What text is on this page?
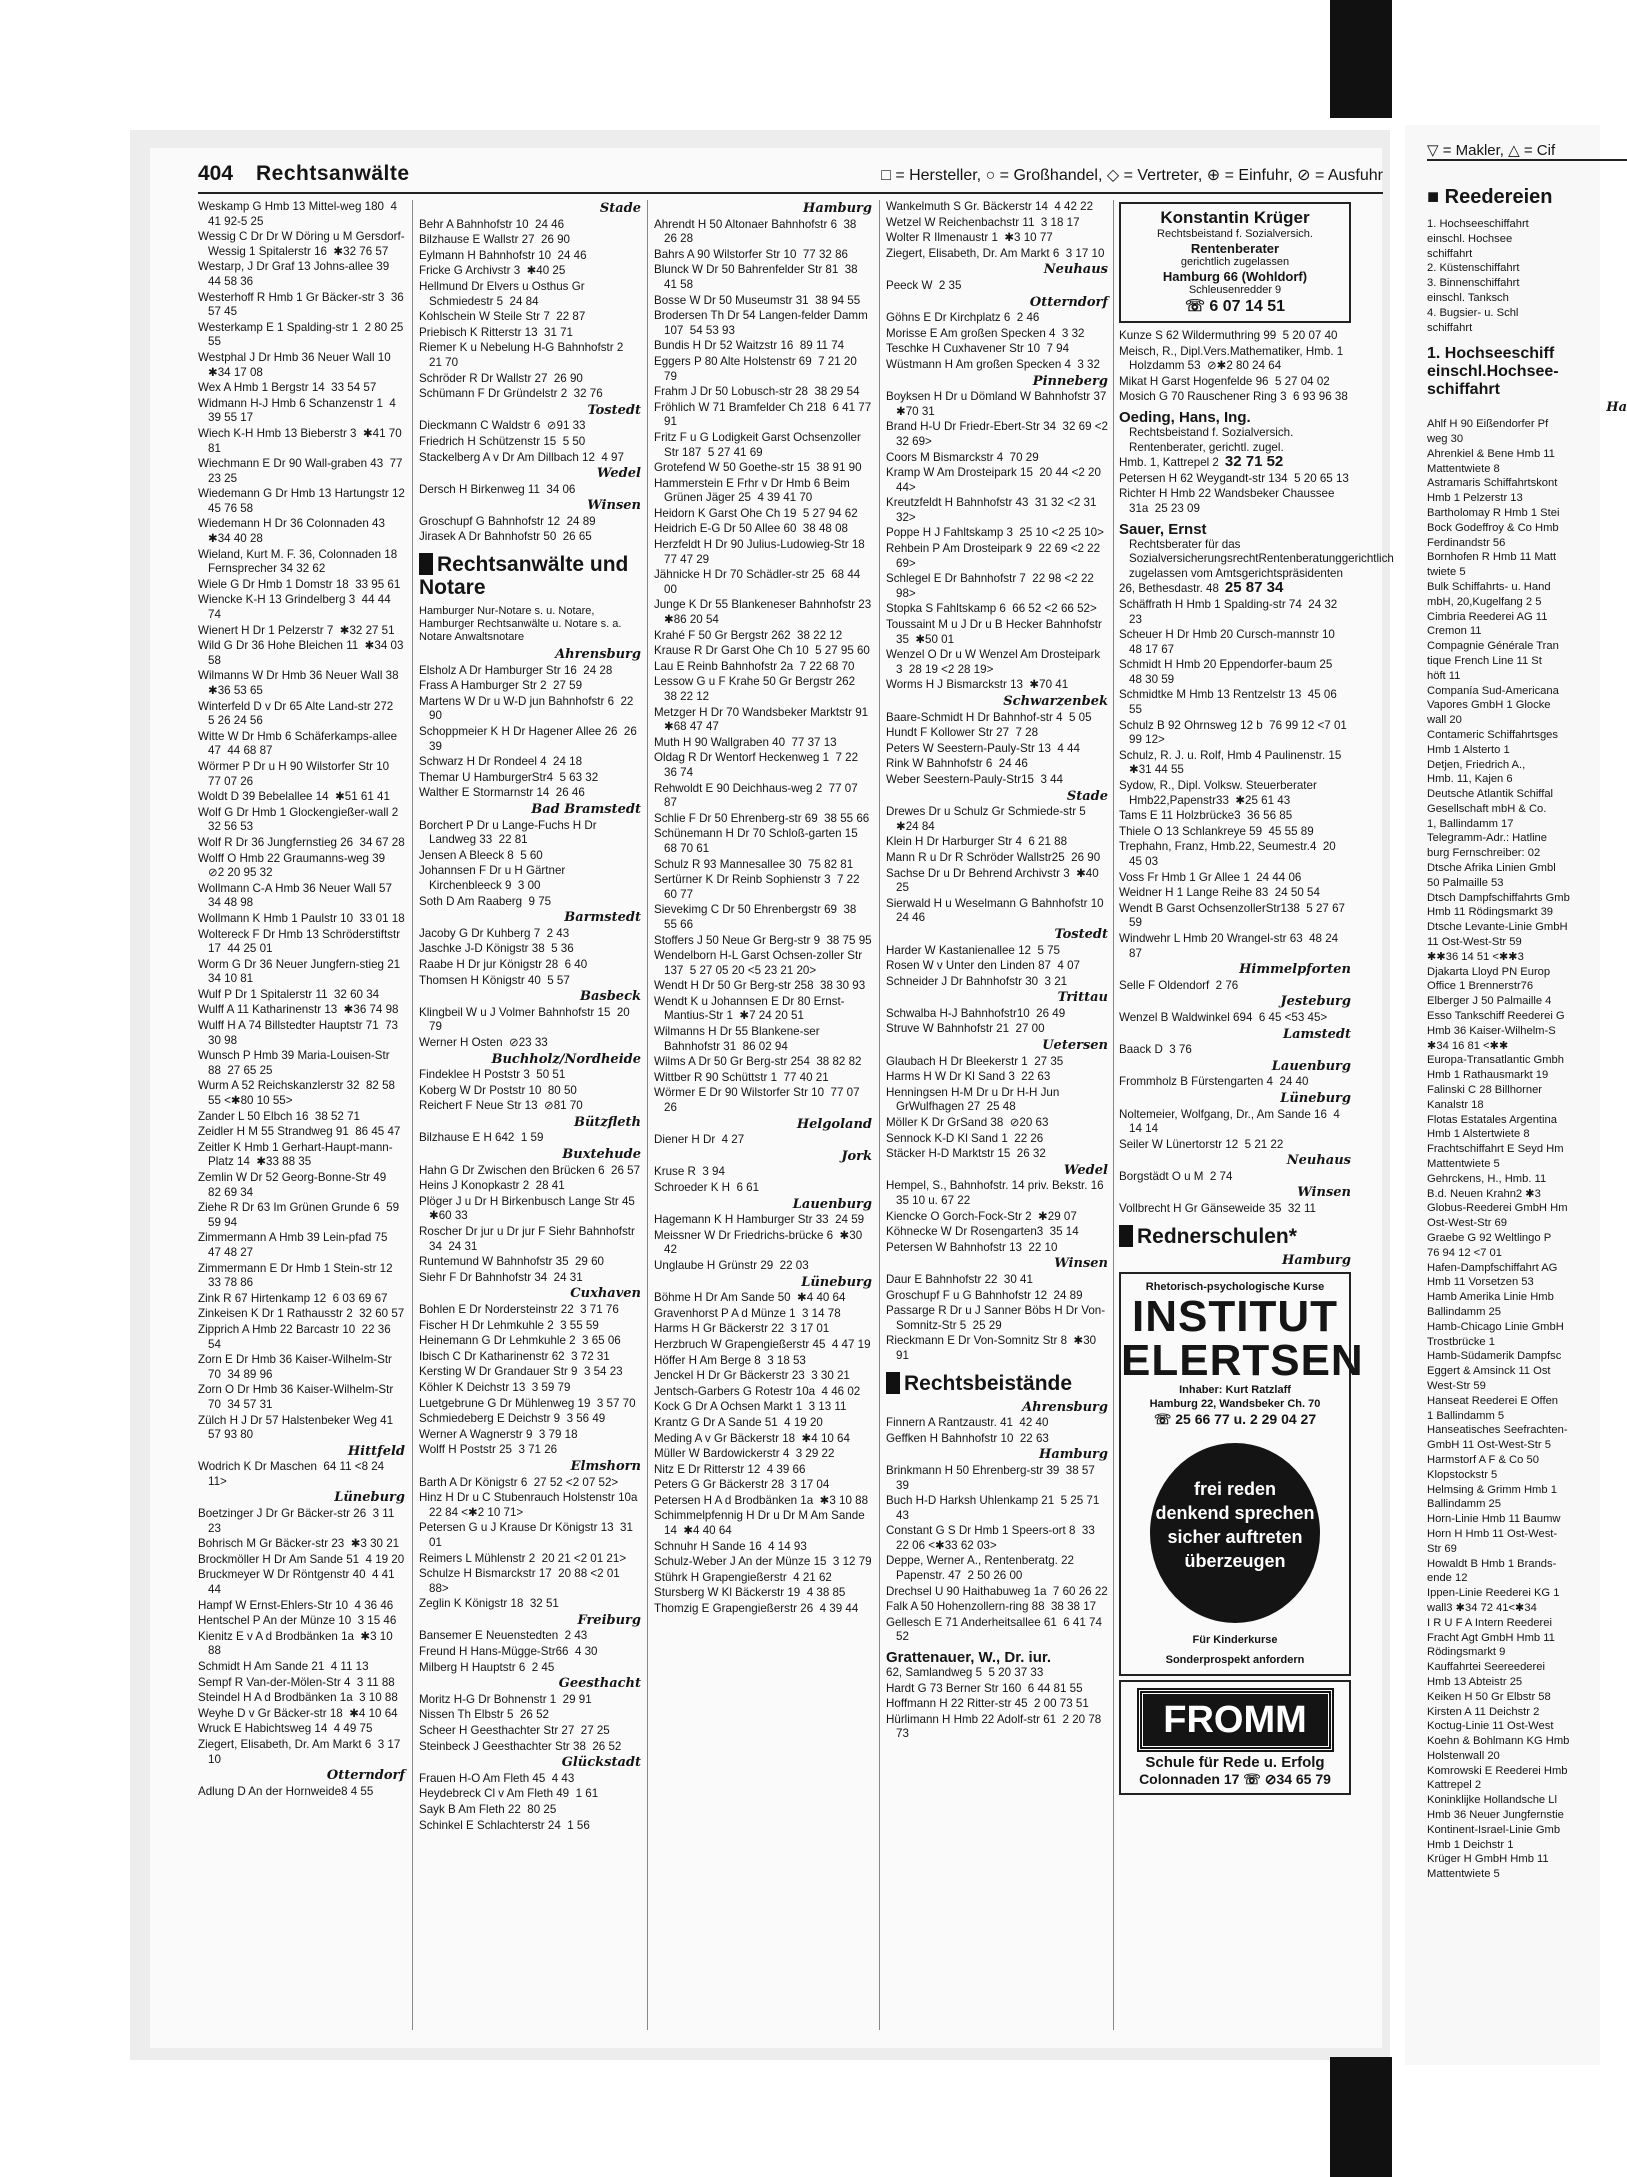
404 Rechtsanwälte	□ = Hersteller, ○ = Großhandel, ◇ = Vertreter, ⊕ = Einfuhr, ⊘ = Ausfuhr
Weskamp G Hmb 13 Mittel-weg 180  4 41 92-5 25
Wessig C Dr Dr W Döring u M Gersdorf-Wessig 1 Spitalerstr 16  ✱32 76 57
Westarp, J Dr Graf 13 Johns-allee 39  44 58 36
Westerhoff R Hmb 1 Gr Bäcker-str 3  36 57 45
Westerkamp E 1 Spalding-str 1  2 80 25 55
Westphal J Dr Hmb 36 Neuer Wall 10  ✱34 17 08
Wex A Hmb 1 Bergstr 14  33 54 57
Widmann H-J Hmb 6 Schanzenstr 1  4 39 55 17
Wiech K-H Hmb 13 Bieberstr 3  ✱41 70 81
Wiechmann E Dr 90 Wall-graben 43  77 23 25
Wiedemann G Dr Hmb 13 Hartungstr 12  45 76 58
Wiedemann H Dr 36 Colonnaden 43  ✱34 40 28
Wieland, Kurt M. F. 36, Colonnaden 18 Fernsprecher 34 32 62
Wiele G Dr Hmb 1 Domstr 18  33 95 61
Wiencke K-H 13 Grindelberg 3  44 44 74
Wienert H Dr 1 Pelzerstr 7  ✱32 27 51
Wild G Dr 36 Hohe Bleichen 11  ✱34 03 58
Wilmanns W Dr Hmb 36 Neuer Wall 38  ✱36 53 65
Winterfeld D v Dr 65 Alte Land-str 272  5 26 24 56
Witte W Dr Hmb 6 Schäferkamps-allee 47  44 68 87
Wörmer P Dr u H 90 Wilstorfer Str 10  77 07 26
Woldt D 39 Bebelallee 14  ✱51 61 41
Wolf G Dr Hmb 1 Glockengießer-wall 2  32 56 53
Wolf R Dr 36 Jungfernstieg 26  34 67 28
Wolff O Hmb 22 Graumanns-weg 39  ⊘2 20 95 32
Wollmann C-A Hmb 36 Neuer Wall 57  34 48 98
Wollmann K Hmb 1 Paulstr 10  33 01 18
Woltereck F Dr Hmb 13 Schröderstiftstr 17  44 25 01
Worm G Dr 36 Neuer Jungfern-stieg 21  34 10 81
Wulf P Dr 1 Spitalerstr 11  32 60 34
Wulff A 11 Katharinenstr 13  ✱36 74 98
Wulff H A 74 Billstedter Hauptstr 71  73 30 98
Wunsch P Hmb 39 Maria-Louisen-Str 88  27 65 25
Wurm A 52 Reichskanzlerstr 32  82 58 55 <✱80 10 55>
Zander L 50 Elbch 16  38 52 71
Zeidler H M 55 Strandweg 91  86 45 47
Zeitler K Hmb 1 Gerhart-Haupt-mann-Platz 14  ✱33 88 35
Zemlin W Dr 52 Georg-Bonne-Str 49  82 69 34
Ziehe R Dr 63 Im Grünen Grunde 6  59 59 94
Zimmermann A Hmb 39 Lein-pfad 75  47 48 27
Zimmermann E Dr Hmb 1 Stein-str 12  33 78 86
Zink R 67 Hirtenkamp 12  6 03 69 67
Zinkeisen K Dr 1 Rathausstr 2  32 60 57
Zipprich A Hmb 22 Barcastr 10  22 36 54
Zorn E Dr Hmb 36 Kaiser-Wilhelm-Str 70  34 89 96
Zorn O Dr Hmb 36 Kaiser-Wilhelm-Str 70  34 57 31
Zülch H J Dr 57 Halstenbeker Weg 41  57 93 80
Hittfeld
Wodrich K Dr Maschen  64 11 <8 24 11>
Lüneburg
Boetzinger J Dr Gr Bäcker-str 26  3 11 23
Bohrisch M Gr Bäcker-str 23  ✱3 30 21
Brockmöller H Dr Am Sande 51  4 19 20
Bruckmeyer W Dr Röntgenstr 40  4 41 44
Hampf W Ernst-Ehlers-Str 10  4 36 46
Hentschel P An der Münze 10  3 15 46
Kienitz E v A d Brodbänken 1a  ✱3 10 88
Schmidt H Am Sande 21  4 11 13
Sempf R Van-der-Mölen-Str 4  3 11 88
Steindel H A d Brodbänken 1a  3 10 88
Weyhe D v Gr Bäcker-str 18  ✱4 10 64
Wruck E Habichtsweg 14  4 49 75
Ziegert, Elisabeth, Dr. Am Markt 6  3 17 10
Otterndorf
Adlung D An der Hornweide8 4 55
Stade
Behr A Bahnhofstr 10  24 46
Bilzhause E Wallstr 27  26 90
Eylmann H Bahnhofstr 10  24 46
Fricke G Archivstr 3  ✱40 25
Hellmund Dr Elvers u Osthus Gr Schmiedestr 5  24 84
Kohlschein W Steile Str 7  22 87
Priebisch K Ritterstr 13  31 71
Riemer K u Nebelung H-G Bahnhofstr 2  21 70
Schröder R Dr Wallstr 27  26 90
Schümann F Dr Gründelstr 2  32 76
Tostedt
Dieckmann C Waldstr 6  ⊘91 33
Friedrich H Schützenstr 15  5 50
Stackelberg A v Dr Am Dillbach 12  4 97
Wedel
Dersch H Birkenweg 11  34 06
Winsen
Groschupf G Bahnhofstr 12  24 89
Jirasek A Dr Bahnhofstr 50  26 65
Rechtsanwälte und Notare
Hamburger Nur-Notare s. u. Notare, Hamburger Rechtsanwälte u. Notare s. a. Notare Anwaltsnotare
Ahrensburg
Elsholz A Dr Hamburger Str 16  24 28
Frass A Hamburger Str 2  27 59
Martens W Dr u W-D jun Bahnhofstr 6  22 90
Schoppmeier K H Dr Hagener Allee 26  26 39
Schwarz H Dr Rondeel 4  24 18
Themar U HamburgerStr4  5 63 32
Walther E Stormarnstr 14  26 46
Bad Bramstedt
Borchert P Dr u Lange-Fuchs H Dr Landweg 33  22 81
Jensen A Bleeck 8  5 60
Johannsen F Dr u H Gärtner Kirchenbleeck 9  3 00
Soth D Am Raaberg  9 75
Barmstedt
Jacoby G Dr Kuhberg 7  2 43
Jaschke J-D Königstr 38  5 36
Raabe H Dr jur Königstr 28  6 40
Thomsen H Königstr 40  5 57
Basbeck
Klingbeil W u J Volmer Bahnhofstr 15  20 79
Werner H Osten  ⊘23 33
Buchholz/Nordheide
Findeklee H Poststr 3  50 51
Koberg W Dr Poststr 10  80 50
Reichert F Neue Str 13  ⊘81 70
Bützfleth
Bilzhause E H 642  1 59
Buxtehude
Hahn G Dr Zwischen den Brücken 6  26 57
Heins J Konopkastr 2  28 41
Plöger J u Dr H Birkenbusch Lange Str 45  ✱60 33
Roscher Dr jur u Dr jur F Siehr Bahnhofstr 34  24 31
Runtemund W Bahnhofstr 35  29 60
Siehr F Dr Bahnhofstr 34  24 31
Cuxhaven
Bohlen E Dr Nordersteinstr 22  3 71 76
Fischer H Dr Lehmkuhle 2  3 55 59
Heinemann G Dr Lehmkuhle 2  3 65 06
Ibisch C Dr Katharinenstr 62  3 72 31
Kersting W Dr Grandauer Str 9  3 54 23
Köhler K Deichstr 13  3 59 79
Luetgebrune G Dr Mühlenweg 19  3 57 70
Schmiedeberg E Deichstr 9  3 56 49
Werner A Wagnerstr 9  3 79 18
Wolff H Poststr 25  3 71 26
Elmshorn
Barth A Dr Königstr 6  27 52 <2 07 52>
Hinz H Dr u C Stubenrauch Holstenstr 10a  22 84 <✱2 10 71>
Petersen G u J Krause Dr Königstr 13  31 01
Reimers L Mühlenstr 2  20 21 <2 01 21>
Schulze H Bismarckstr 17  20 88 <2 01 88>
Zeglin K Königstr 18  32 51
Freiburg
Bansemer E Neuenstedten  2 43
Freund H Hans-Mügge-Str66  4 30
Milberg H Hauptstr 6  2 45
Geesthacht
Moritz H-G Dr Bohnenstr 1  29 91
Nissen Th Elbstr 5  26 52
Scheer H Geesthachter Str 27  27 25
Steinbeck J Geesthachter Str 38  26 52
Glückstadt
Frauen H-O Am Fleth 45  4 43
Heydebreck Cl v Am Fleth 49  1 61
Sayk B Am Fleth 22  80 25
Schinkel E Schlachterstr 24  1 56
Hamburg
Ahrendt H 50 Altonaer Bahnhofstr 6  38 26 28
Bahrs A 90 Wilstorfer Str 10  77 32 86
Blunck W Dr 50 Bahrenfelder Str 81  38 41 58
Bosse W Dr 50 Museumstr 31  38 94 55
Brodersen Th Dr 54 Langen-felder Damm 107  54 53 93
Bundis H Dr 52 Waitzstr 16  89 11 74
Eggers P 80 Alte Holstenstr 69  7 21 20 79
Frahm J Dr 50 Lobusch-str 28  38 29 54
Fröhlich W 71 Bramfelder Ch 218  6 41 77 91
Fritz F u G Lodigkeit Garst Ochsenzoller Str 187  5 27 41 69
Grotefend W 50 Goethe-str 15  38 91 90
Hammerstein E Frhr v Dr Hmb 6 Beim Grünen Jäger 25  4 39 41 70
Heidorn K Garst Ohe Ch 19  5 27 94 62
Heidrich E-G Dr 50 Allee 60  38 48 08
Herzfeldt H Dr 90 Julius-Ludowieg-Str 18  77 47 29
Jähnicke H Dr 70 Schädler-str 25  68 44 00
Junge K Dr 55 Blankeneser Bahnhofstr 23  ✱86 20 54
Krahé F 50 Gr Bergstr 262  38 22 12
Krause R Dr Garst Ohe Ch 10  5 27 95 60
Lau E Reinb Bahnhofstr 2a  7 22 68 70
Lessow G u F Krahe 50 Gr Bergstr 262  38 22 12
Metzger H Dr 70 Wandsbeker Marktstr 91  ✱68 47 47
Muth H 90 Wallgraben 40  77 37 13
Oldag R Dr Wentorf Heckenweg 1  7 22 36 74
Rehwoldt E 90 Deichhaus-weg 2  77 07 87
Schlie F Dr 50 Ehrenberg-str 69  38 55 66
Schünemann H Dr 70 Schloß-garten 15  68 70 61
Schulz R 93 Mannesallee 30  75 82 81
Sertürner K Dr Reinb Sophienstr 3  7 22 60 77
Sievekimg C Dr 50 Ehrenbergstr 69  38 55 66
Stoffers J 50 Neue Gr Berg-str 9  38 75 95
Wendelborn H-L Garst Ochsen-zoller Str 137  5 27 05 20 <5 23 21 20>
Wendt H Dr 50 Gr Berg-str 258  38 30 93
Wendt K u Johannsen E Dr 80 Ernst-Mantius-Str 1  ✱7 24 20 51
Wilmanns H Dr 55 Blankene-ser Bahnhofstr 31  86 02 94
Wilms A Dr 50 Gr Berg-str 254  38 82 82
Wittber R 90 Schüttstr 1  77 40 21
Wörmer E Dr 90 Wilstorfer Str 10  77 07 26
Helgoland
Diener H Dr  4 27
Jork
Kruse R  3 94
Schroeder K H  6 61
Lauenburg
Hagemann K H Hamburger Str 33  24 59
Meissner W Dr Friedrichs-brücke 6  ✱30 42
Unglaube H Grünstr 29  22 03
Lüneburg
Böhme H Dr Am Sande 50  ✱4 40 64
Gravenhorst P A d Münze 1  3 14 78
Harms H Gr Bäckerstr 22  3 17 01
Herzbruch W Grapengießerstr 45  4 47 19
Höffer H Am Berge 8  3 18 53
Jenckel H Dr Gr Bäckerstr 23  3 30 21
Jentsch-Garbers G Rotestr 10a  4 46 02
Kock G Dr A Ochsen Markt 1  3 13 11
Krantz G Dr A Sande 51  4 19 20
Meding A v Gr Bäckerstr 18  ✱4 10 64
Müller W Bardowickerstr 4  3 29 22
Nitz E Dr Ritterstr 12  4 39 66
Peters G Gr Bäckerstr 28  3 17 04
Petersen H A d Brodbänken 1a  ✱3 10 88
Schimmelpfennig H Dr u Dr M Am Sande 14  ✱4 40 64
Schnuhr H Sande 16  4 14 93
Schulz-Weber J An der Münze 15  3 12 79
Stührk H Grapengießerstr  4 21 62
Stursberg W Kl Bäckerstr 19  4 38 85
Thomzig E Grapengießerstr 26  4 39 44
Wankelmuth S Gr. Bäckerstr 14  4 42 22
Wetzel W Reichenbachstr 11  3 18 17
Wolter R Ilmenaustr 1  ✱3 10 77
Ziegert, Elisabeth, Dr. Am Markt 6  3 17 10
Neuhaus
Peeck W  2 35
Otterndorf
Göhns E Dr Kirchplatz 6  2 46
Morisse E Am großen Specken 4  3 32
Teschke H Cuxhavener Str 10  7 94
Wüstmann H Am großen Specken 4  3 32
Pinneberg
Boyksen H Dr u Dömland W Bahnhofstr 37  ✱70 31
Brand H-U Dr Friedr-Ebert-Str 34  32 69 <2 32 69>
Coors M Bismarckstr 4  70 29
Kramp W Am Drosteipark 15  20 44 <2 20 44>
Kreutzfeldt H Bahnhofstr 43  31 32 <2 31 32>
Poppe H J Fahltskamp 3  25 10 <2 25 10>
Rehbein P Am Drosteipark 9  22 69 <2 22 69>
Schlegel E Dr Bahnhofstr 7  22 98 <2 22 98>
Stopka S Fahltskamp 6  66 52 <2 66 52>
Toussaint M u J Dr u B Hecker Bahnhofstr 35  ✱50 01
Wenzel O Dr u W Wenzel Am Drosteipark 3  28 19 <2 28 19>
Worms H J Bismarckstr 13  ✱70 41
Schwarzenbek
Baare-Schmidt H Dr Bahnhof-str 4  5 05
Hundt F Kollower Str 27  7 28
Peters W Seestern-Pauly-Str 13  4 44
Rink W Bahnhofstr 6  24 46
Weber Seestern-Pauly-Str15  3 44
Stade
Drewes Dr u Schulz Gr Schmiede-str 5  ✱24 84
Klein H Dr Harburger Str 4  6 21 88
Mann R u Dr R Schröder Wallstr25  26 90
Sachse Dr u Dr Behrend Archivstr 3  ✱40 25
Sierwald H u Weselmann G Bahnhofstr 10  24 46
Tostedt
Harder W Kastanienallee 12  5 75
Rosen W v Unter den Linden 87  4 07
Schneider J Dr Bahnhofstr 30  3 21
Trittau
Schwalba H-J Bahnhofstr10  26 49
Struve W Bahnhofstr 21  27 00
Uetersen
Glaubach H Dr Bleekerstr 1  27 35
Harms H W Dr Kl Sand 3  22 63
Henningsen H-M Dr u Dr H-H Jun GrWulfhagen 27  25 48
Möller K Dr GrSand 38  ⊘20 63
Sennock K-D Kl Sand 1  22 26
Stäcker H-D Marktstr 15  26 32
Wedel
Hempel, S., Bahnhofstr. 14 priv. Bekstr. 16  35 10 u. 67 22
Kiencke O Gorch-Fock-Str 2  ✱29 07
Köhnecke W Dr Rosengarten3  35 14
Petersen W Bahnhofstr 13  22 10
Winsen
Daur E Bahnhofstr 22  30 41
Groschupf F u G Bahnhofstr 12  24 89
Passarge R Dr u J Sanner Böbs H Dr Von-Somnitz-Str 5  25 29
Rieckmann E Dr Von-Somnitz Str 8  ✱30 91
Rechtsbeistände
Ahrensburg
Finnern A Rantzaustr. 41  42 40
Geffken H Bahnhofstr 10  22 63
Hamburg
Brinkmann H 50 Ehrenberg-str 39  38 57 39
Buch H-D Harksh Uhlenkamp 21  5 25 71 43
Constant G S Dr Hmb 1 Speers-ort 8  33 22 06 <✱33 62 03>
Deppe, Werner A., Rentenberatg. 22 Papenstr. 47  2 50 26 00
Drechsel U 90 Haithabuweg 1a  7 60 26 22
Falk A 50 Hohenzollern-ring 88  38 38 17
Gellesch E 71 Anderheitsallee 61  6 41 74 52
Grattenauer, W., Dr. iur.
62, Samlandweg 5  5 20 37 33
Hardt G 73 Berner Str 160  6 44 81 55
Hoffmann H 22 Ritter-str 45  2 00 73 51
Hürlimann H Hmb 22 Adolf-str 61  2 20 78 73
Konstantin Krüger
Rechtsbeistand f. Sozialversich.
Rentenberater
gerichtlich zugelassen
Hamburg 66 (Wohldorf)
Schleusenredder 9
☏ 6 07 14 51
Kunze S 62 Wildermuthring 99  5 20 07 40
Meisch, R., Dipl.Vers.Mathematiker, Hmb. 1 Holzdamm 53  ⊘✱2 80 24 64
Mikat H Garst Hogenfelde 96  5 27 04 02
Mosich G 70 Rauschener Ring 3  6 93 96 38
Oeding, Hans, Ing.
Rechtsbeistand f. Sozialversich. Rentenberater, gerichtl. zugel.
Hmb. 1, Kattrepel 2 32 71 52
Petersen H 62 Weygandt-str 134  5 20 65 13
Richter H Hmb 22 Wandsbeker Chaussee 31a  25 23 09
Sauer, Ernst
Rechtsberater für das SozialversicherungsrechtRentenberatunggerichtlich zugelassen vom Amtsgerichtspräsidenten
26, Bethesdastr. 48 25 87 34
Schäffrath H Hmb 1 Spalding-str 74  24 32 23
Scheuer H Dr Hmb 20 Cursch-mannstr 10  48 17 67
Schmidt H Hmb 20 Eppendorfer-baum 25  48 30 59
Schmidtke M Hmb 13 Rentzelstr 13  45 06 55
Schulz B 92 Ohrnsweg 12 b  76 99 12 <7 01 99 12>
Schulz, R. J. u. Rolf, Hmb 4 Paulinenstr. 15  ✱31 44 55
Sydow, R., Dipl. Volksw. Steuerberater Hmb22,Papenstr33  ✱25 61 43
Tams E 11 Holzbrücke3  36 56 85
Thiele O 13 Schlankreye 59  45 55 89
Trephahn, Franz, Hmb.22, Seumestr.4  20 45 03
Voss Fr Hmb 1 Gr Allee 1  24 44 06
Weidner H 1 Lange Reihe 83  24 50 54
Wendt B Garst OchsenzollerStr138  5 27 67 59
Windwehr L Hmb 20 Wrangel-str 63  48 24 87
Himmelpforten
Selle F Oldendorf  2 76
Jesteburg
Wenzel B Waldwinkel 694  6 45 <53 45>
Lamstedt
Baack D  3 76
Lauenburg
Frommholz B Fürstengarten 4  24 40
Lüneburg
Noltemeier, Wolfgang, Dr., Am Sande 16  4 14 14
Seiler W Lünertorstr 12  5 21 22
Neuhaus
Borgstädt O u M  2 74
Winsen
Vollbrecht H Gr Gänseweide 35  32 11
Rednerschulen*
Hamburg
Rhetorisch-psychologische Kurse
INSTITUT
ELERTSEN
Inhaber: Kurt Ratzlaff
Hamburg 22, Wandsbeker Ch. 70
☏ 25 66 77 u. 2 29 04 27
frei reden
denkend sprechen
sicher auftreten
überzeugen
Für Kinderkurse
Sonderprospekt anfordern
FROMM
Schule für Rede u. Erfolg
Colonnaden 17 ☏ ⊘34 65 79
▽ = Makler, △ = Cif
■ Reedereien
1. Hochseeschiffahrt
einschl. Hochsee
schiffahrt
2. Küstenschiffahrt
3. Binnenschiffahrt
einschl. Tanksch
4. Bugsier- u. Schl
schiffahrt
1. Hochseeschiff einschl.Hochsee-schiffahrt
Ha
Ahlf H 90 Eißendorfer Pf
weg 30
Ahrenkiel & Bene Hmb 11
Mattentwiete 8
Astramaris Schiffahrtskont
Hmb 1 Pelzerstr 13
Bartholomay R Hmb 1 Stei
Bock Godeffroy & Co Hmb
Ferdinandstr 56
Bornhofen R Hmb 11 Matt
twiete 5
Bulk Schiffahrts- u. Hand
mbH, 20,Kugelfang 2 5
Cimbria Reederei AG 11
Cremon 11
Compagnie Générale Tran
tique French Line 11 St
höft 11
Companía Sud-Americana
Vapores GmbH 1 Glocke
wall 20
Contameric Schiffahrtsges
Hmb 1 Alsterto 1
Detjen, Friedrich A.,
Hmb. 11, Kajen 6
Deutsche Atlantik Schiffal
Gesellschaft mbH & Co.
1, Ballindamm 17
Telegramm-Adr.: Hatline
burg Fernschreiber: 02
Dtsche Afrika Linien Gmbl
50 Palmaille 53
Dtsch Dampfschiffahrts Gmb
Hmb 11 Rödingsmarkt 39
Dtsche Levante-Linie GmbH
11 Ost-West-Str 59
✱✱36 14 51 <✱✱3
Djakarta Lloyd PN Europ
Office 1 Brennerstr76
Elberger J 50 Palmaille 4
Esso Tankschiff Reederei G
Hmb 36 Kaiser-Wilhelm-S
✱34 16 81 <✱✱
Europa-Transatlantic Gmbh
Hmb 1 Rathausmarkt 19
Falinski C 28 Billhorner
Kanalstr 18
Flotas Estatales Argentina
Hmb 1 Alstertwiete 8
Frachtschiffahrt E Seyd Hm
Mattentwiete 5
Gehrckens, H., Hmb. 11
B.d. Neuen Krahn2 ✱3
Globus-Reederei GmbH Hm
Ost-West-Str 69
Graebe G 92 Weltlingo P
76 94 12 <7 01
Hafen-Dampfschiffahrt AG
Hmb 11 Vorsetzen 53
Hamb Amerika Linie Hmb
Ballindamm 25
Hamb-Chicago Linie GmbH
Trostbrücke 1
Hamb-Südamerik Dampfsc
Eggert & Amsinck 11 Ost
West-Str 59
Hanseat Reederei E Offen
1 Ballindamm 5
Hanseatisches Seefrachten-
GmbH 11 Ost-West-Str 5
Harmstorf A F & Co 50
Klopstockstr 5
Helmsing & Grimm Hmb 1
Ballindamm 25
Horn-Linie Hmb 11 Baumw
Horn H Hmb 11 Ost-West-
Str 69
Howaldt B Hmb 1 Brands-
ende 12
Ippen-Linie Reederei KG 1
wall3 ✱34 72 41<✱34
I R U F A Intern Reederei
Fracht Agt GmbH Hmb 11
Rödingsmarkt 9
Kauffahrtei Seereederei
Hmb 13 Abteistr 25
Keiken H 50 Gr Elbstr 58
Kirsten A 11 Deichstr 2
Koctug-Linie 11 Ost-West
Koehn & Bohlmann KG Hmb
Holstenwall 20
Komrowski E Reederei Hmb
Kattrepel 2
Koninklijke Hollandsche Ll
Hmb 36 Neuer Jungfernstie
Kontinent-Israel-Linie Gmb
Hmb 1 Deichstr 1
Krüger H GmbH Hmb 11
Mattentwiete 5
